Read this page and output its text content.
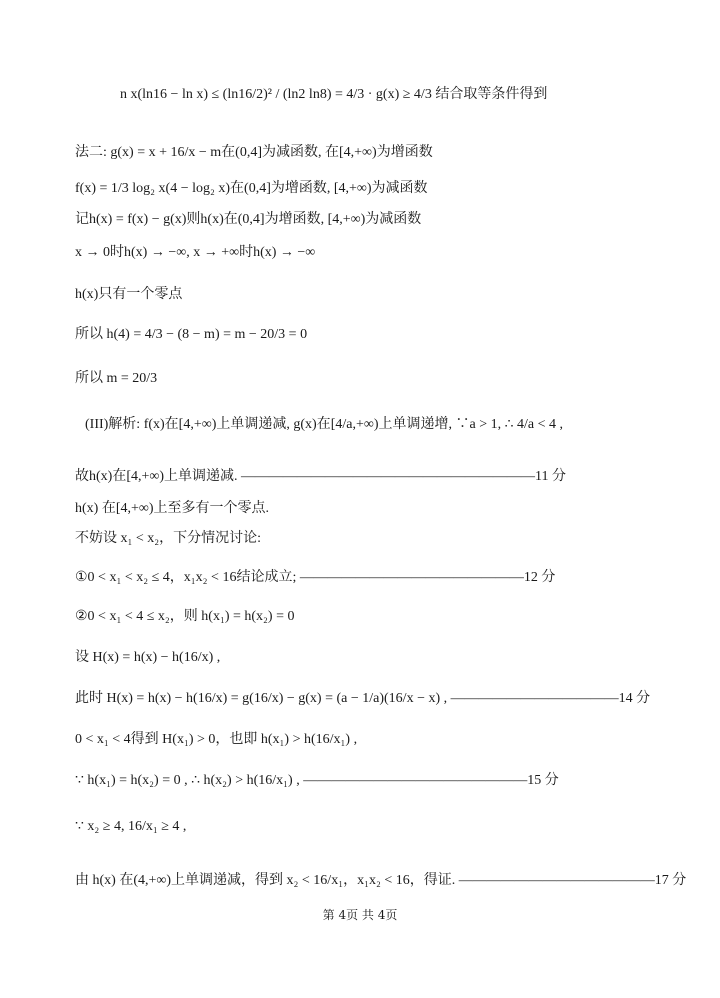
n x(ln16 − ln x) ≤ (ln16/2)² / (ln2 ln8) = 4/3 · g(x) ≥ 4/3 结合取等条件得到
法二: g(x) = x + 16/x − m在(0,4]为减函数, 在[4,+∞)为增函数
f(x) = 1/3 log₂ x(4 − log₂ x)在(0,4]为增函数, [4,+∞)为减函数
记h(x) = f(x) − g(x)则h(x)在(0,4]为增函数, [4,+∞)为减函数
x → 0时h(x) → −∞, x → +∞时h(x) → −∞
h(x)只有一个零点
所以 h(4) = 4/3 − (8 − m) = m − 20/3 = 0
所以 m = 20/3
(III)解析: f(x)在[4,+∞)上单调递减, g(x)在[4/a,+∞)上单调递增, ∵a > 1, ∴ 4/a < 4 ,
故h(x)在[4,+∞)上单调递减. —————————————————————11 分
h(x) 在[4,+∞)上至多有一个零点.
不妨设 x₁ < x₂，下分情况讨论:
①0 < x₁ < x₂ ≤ 4，x₁x₂ < 16结论成立; ————————————————12 分
②0 < x₁ < 4 ≤ x₂，则 h(x₁) = h(x₂) = 0
设 H(x) = h(x) − h(16/x) ,
此时 H(x) = h(x) − h(16/x) = g(16/x) − g(x) = (a − 1/a)(16/x − x) , ————————————14 分
0 < x₁ < 4得到 H(x₁) > 0，也即 h(x₁) > h(16/x₁) ,
∵ h(x₁) = h(x₂) = 0 , ∴ h(x₂) > h(16/x₁) , ————————————————15 分
∵ x₂ ≥ 4, 16/x₁ ≥ 4 ,
由 h(x) 在(4,+∞)上单调递减，得到 x₂ < 16/x₁，x₁x₂ < 16，得证. ——————————————17 分
第 4页 共 4页
